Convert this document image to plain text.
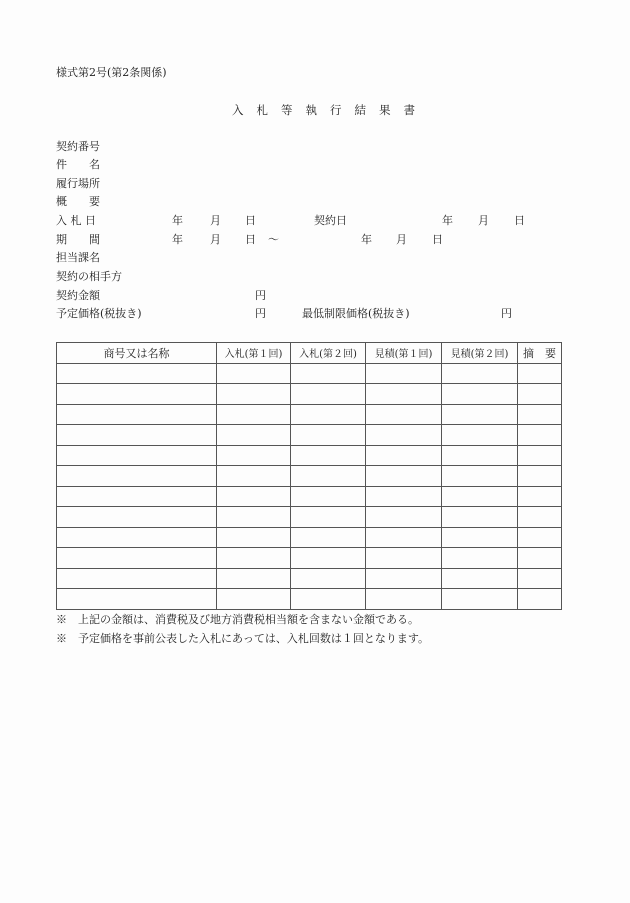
様式第2号(第2条関係)
入札等執行結果書
契約番号
件　　名
履行場所
概　　要
入 札 日	年 月 日	契約日	年 月 日
期　　間	年 月 日 ～	年 月 日
担当課名
契約の相手方
契約金額	円
予定価格(税抜き)	円	最低制限価格(税抜き)	円
商号又は名称	入札(第１回)	入札(第２回)	見積(第１回)	見積(第２回)	摘　要

※　上記の金額は、消費税及び地方消費税相当額を含まない金額である。
※　予定価格を事前公表した入札にあっては、入札回数は１回となります。
